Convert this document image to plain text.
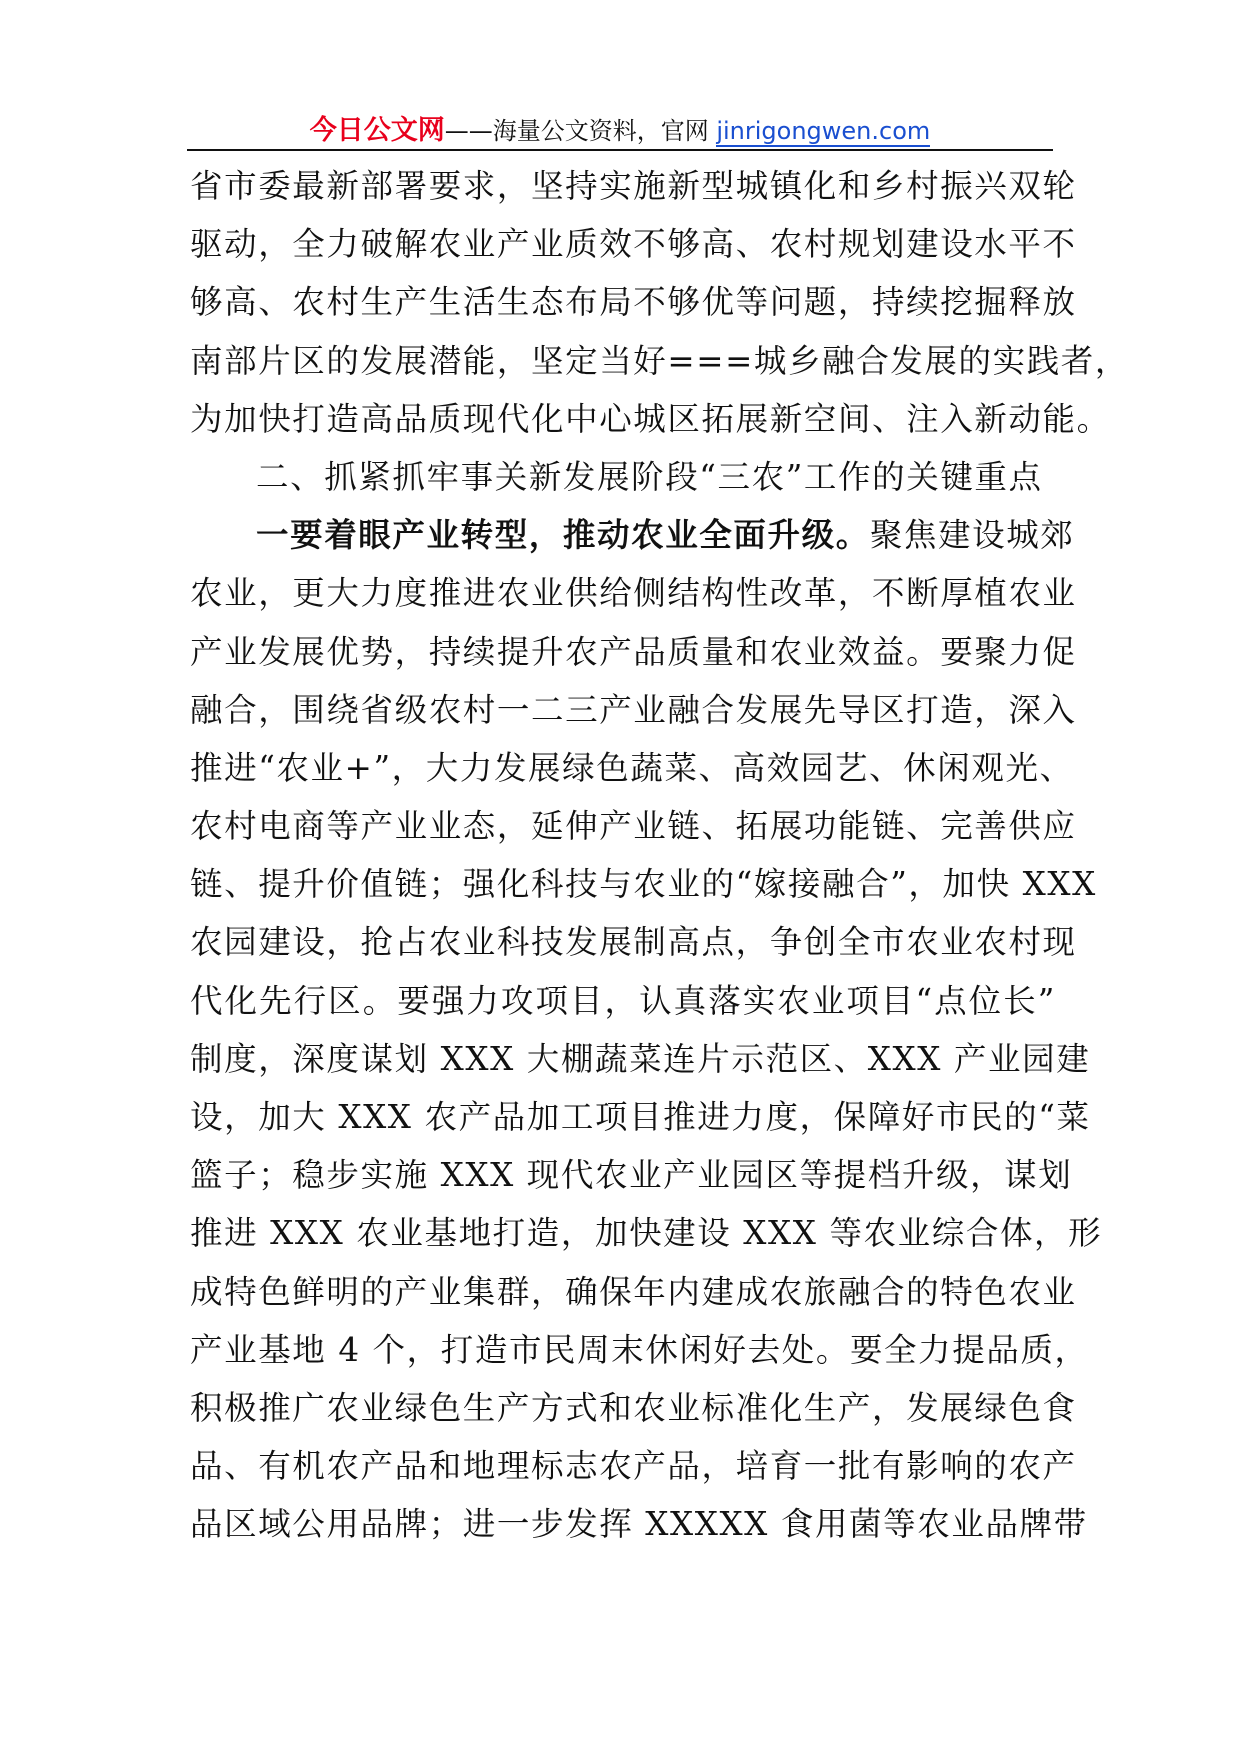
今日公文网——海量公文资料，官网 jinrigongwen.com
省市委最新部署要求，坚持实施新型城镇化和乡村振兴双轮
驱动，全力破解农业产业质效不够高、农村规划建设水平不
够高、农村生产生活生态布局不够优等问题，持续挖掘释放
南部片区的发展潜能，坚定当好===城乡融合发展的实践者，
为加快打造高品质现代化中心城区拓展新空间、注入新动能。
二、抓紧抓牢事关新发展阶段“三农”工作的关键重点
一要着眼产业转型，推动农业全面升级。聚焦建设城郊
农业，更大力度推进农业供给侧结构性改革，不断厚植农业
产业发展优势，持续提升农产品质量和农业效益。要聚力促
融合，围绕省级农村一二三产业融合发展先导区打造，深入
推进“农业+”，大力发展绿色蔬菜、高效园艺、休闲观光、
农村电商等产业业态，延伸产业链、拓展功能链、完善供应
链、提升价值链；强化科技与农业的“嫁接融合”，加快 XXX
农园建设，抢占农业科技发展制高点，争创全市农业农村现
代化先行区。要强力攻项目，认真落实农业项目“点位长”
制度，深度谋划 XXX 大棚蔬菜连片示范区、XXX 产业园建
设，加大 XXX 农产品加工项目推进力度，保障好市民的“菜
篮子；稳步实施 XXX 现代农业产业园区等提档升级，谋划
推进 XXX 农业基地打造，加快建设 XXX 等农业综合体，形
成特色鲜明的产业集群，确保年内建成农旅融合的特色农业
产业基地 4 个，打造市民周末休闲好去处。要全力提品质，
积极推广农业绿色生产方式和农业标准化生产，发展绿色食
品、有机农产品和地理标志农产品，培育一批有影响的农产
品区域公用品牌；进一步发挥 XXXXX 食用菌等农业品牌带
